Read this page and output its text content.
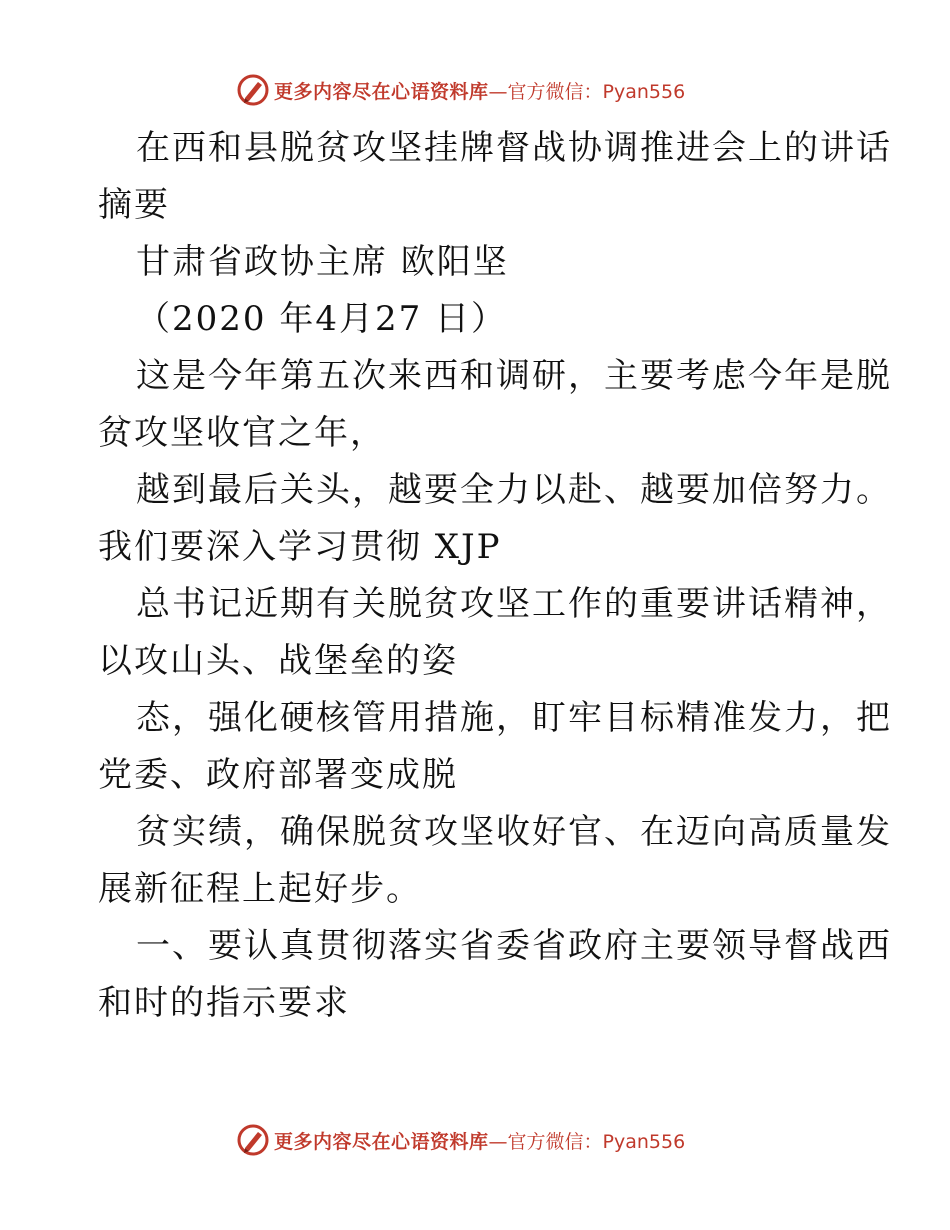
更多内容尽在心语资料库 —官方微信：Pyan556
在西和县脱贫攻坚挂牌督战协调推进会上的讲话
摘要
甘肃省政协主席 欧阳坚
（2020 年4月27 日）
这是今年第五次来西和调研，主要考虑今年是脱
贫攻坚收官之年，
越到最后关头，越要全力以赴、越要加倍努力。
我们要深入学习贯彻 XJP
总书记近期有关脱贫攻坚工作的重要讲话精神，
以攻山头、战堡垒的姿
态，强化硬核管用措施，盯牢目标精准发力，把
党委、政府部署变成脱
贫实绩，确保脱贫攻坚收好官、在迈向高质量发
展新征程上起好步。
一、要认真贯彻落实省委省政府主要领导督战西
和时的指示要求
更多内容尽在心语资料库 —官方微信：Pyan556
